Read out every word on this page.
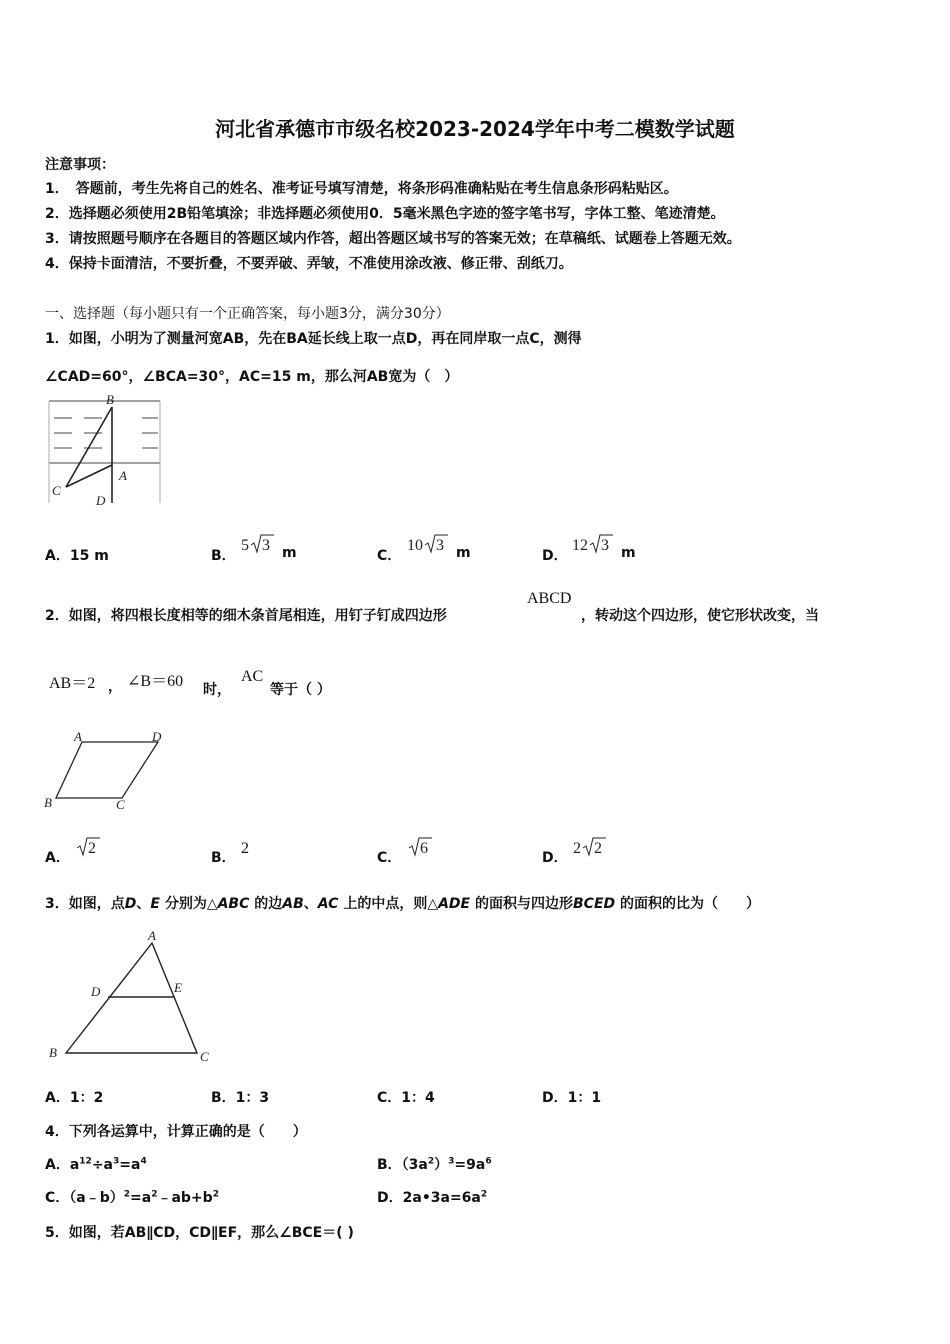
河北省承德市市级名校2023-2024学年中考二模数学试题
注意事项：
1．　答题前，考生先将自己的姓名、准考证号填写清楚，将条形码准确粘贴在考生信息条形码粘贴区。
2．选择题必须使用2B铅笔填涂；非选择题必须使用0．5毫米黑色字迹的签字笔书写，字体工整、笔迹清楚。
3．请按照题号顺序在各题目的答题区域内作答，超出答题区域书写的答案无效；在草稿纸、试题卷上答题无效。
4．保持卡面清洁，不要折叠，不要弄破、弄皱，不准使用涂改液、修正带、刮纸刀。
一、选择题（每小题只有一个正确答案，每小题3分，满分30分）
1．如图，小明为了测量河宽AB，先在BA延长线上取一点D，再在同岸取一点C，测得
∠CAD=60°，∠BCA=30°，AC=15 m，那么河AB宽为（　）
B
A
C
D
A．15 m	B．
5 3 m	C．
10 3 m	D．
12 3 m
2．如图，将四根长度相等的细木条首尾相连，用钉子钉成四边形
ABCD
，转动这个四边形，使它形状改变，当
AB＝2 ， ∠B＝60 时，
AC
等于（ ）
A	D
B	C
A．
2
B．
2
C．
6
D．
2 2
3．如图，点D、E 分别为△ABC 的边AB、AC 上的中点，则△ADE 的面积与四边形BCED 的面积的比为（　　）
A
D	E
B	C
A．1：2	B．1：3	C．1：4	D．1：1
4．下列各运算中，计算正确的是（　　）
A．$a^{12}\div a^3=a^4$	B．$(3a^2)^3=9a^6$
C．$(a﹣b)^2=a^2﹣ab+b^2$	D．$2a•3a=6a^2$
5．如图，若AB∥CD，CD∥EF，那么∠BCE＝( )
